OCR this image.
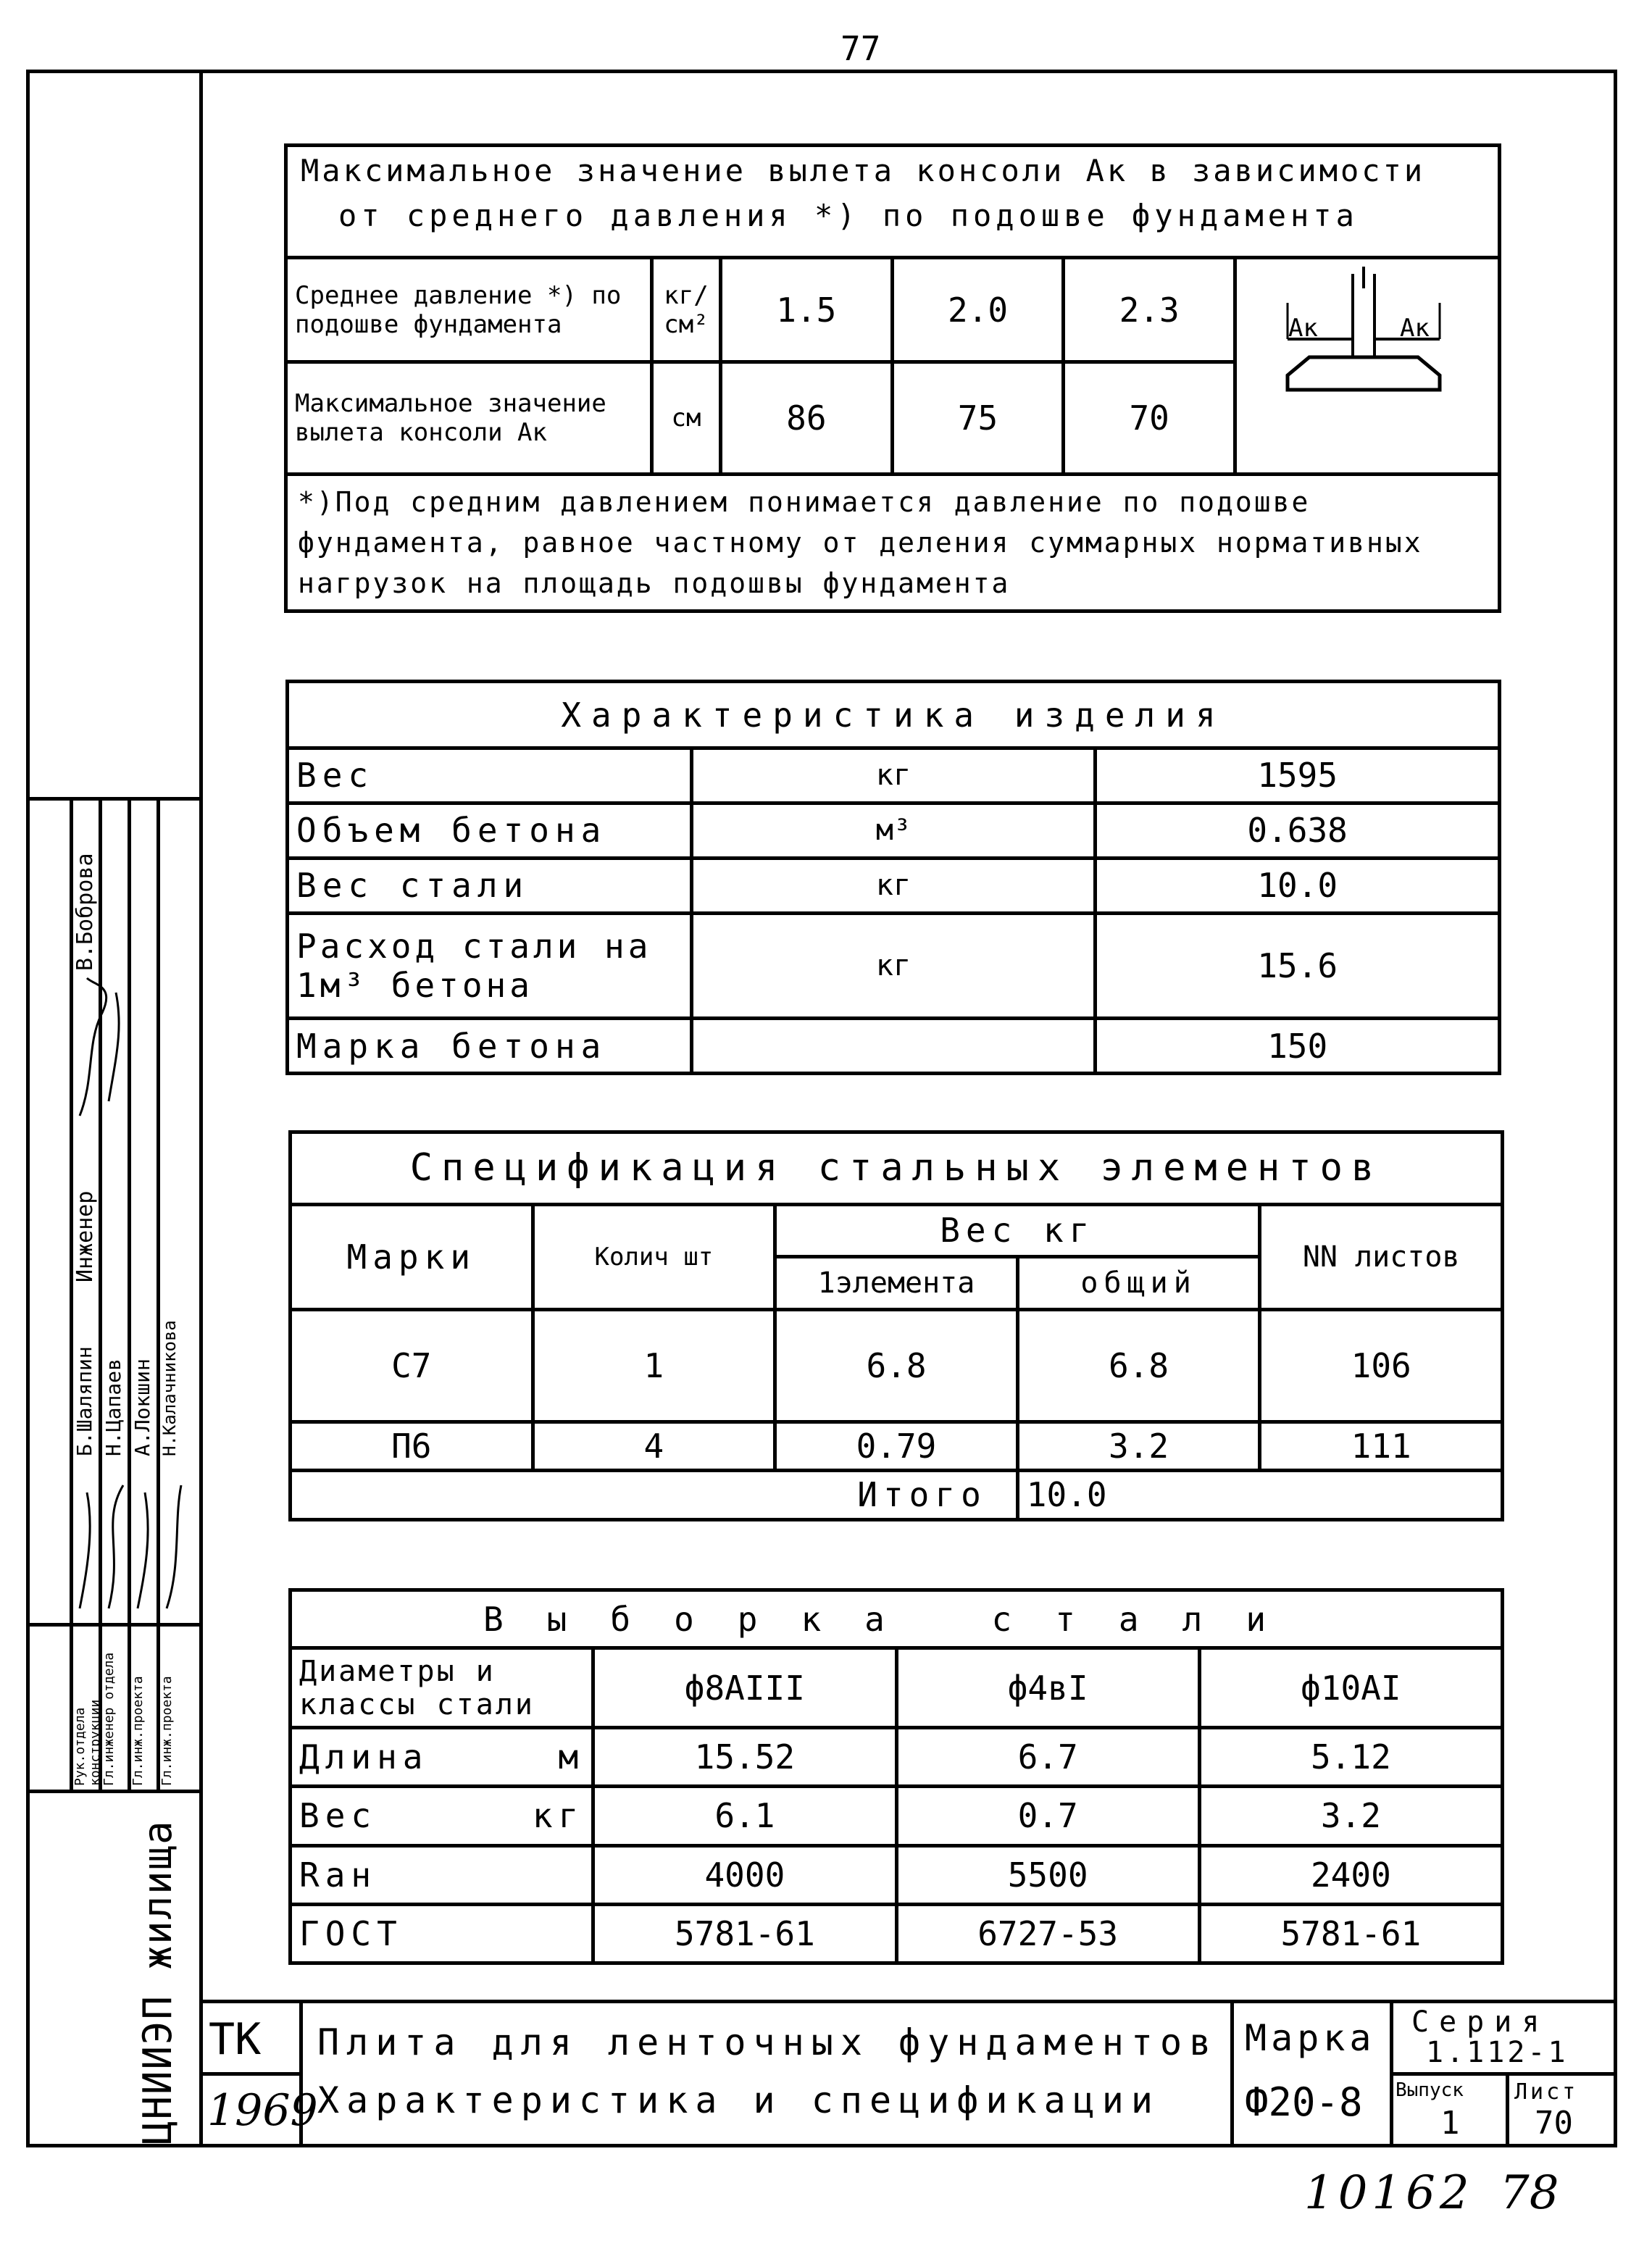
77
Максимальное значение вылета консоли Aк в зависимости
от среднего давления *) по подошве фундамента
Среднее давление *) по подошве фундамента	кг/см²	1.5	2.0	2.3	Aк Aк

Максимальное значение вылета консоли Aк	см	86	75	70	
*)Под средним давлением понимается давление по подошве фундамента, равное частному от деления суммарных нормативных нагрузок на площадь подошвы фундамента
Характеристика изделия		
Вес	кг	1595
Объем бетона	м³	0.638
Вес стали	кг	10.0
Расход стали на 1м³ бетона	кг	15.6
Марка бетона		150
Спецификация стальных элементов				
Марки	Колич шт	Вес кг		NN листов
		1элемента	общий	
С7	1	6.8	6.8	106
П6	4	0.79	3.2	111
Итого			10.0	
Выборка стали			
Диаметры и классы стали	ф8АIII	ф4вI	ф10АI
Длина м	15.52	6.7	5.12
Вес кг	6.1	0.7	3.2
Raн	4000	5500	2400
ГОСТ	5781-61	6727-53	5781-61
В.Боброва
Инженер
Б.Шаляпин Н.Цапаев А.Локшин Н.Калачникова
Рук.отдела конструкции
Гл.инженер отдела Гл.инж.проекта Гл.инж.проекта
ЦНИИЭП жилища ТК
1969
Плита для ленточных фундаментов
Характеристика и спецификации
Марка
Ф20-8
Серия
1.112-1
Выпуск
1
Лист
70
10162 78
